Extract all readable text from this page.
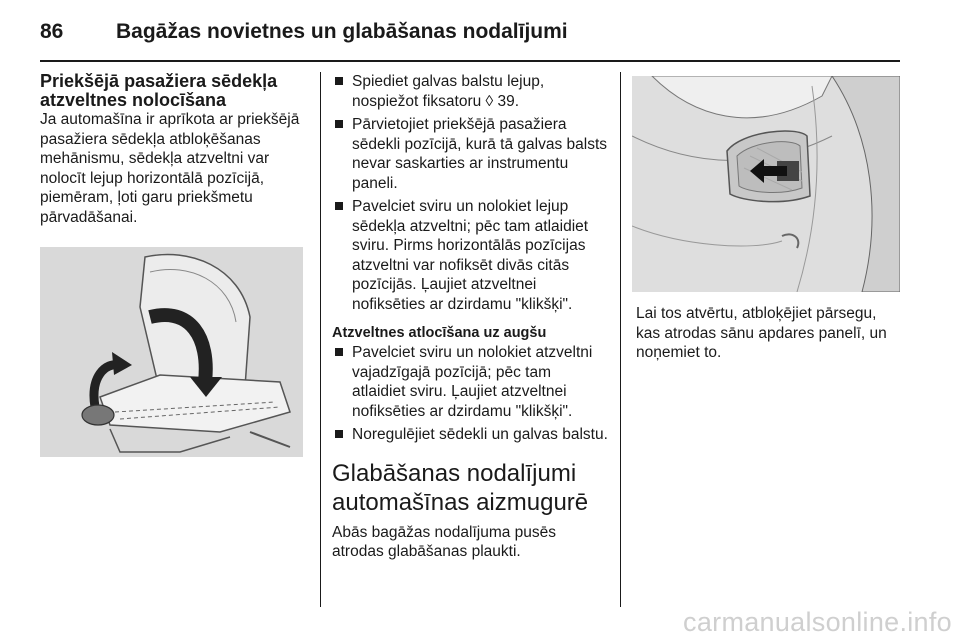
86	Bagāžas novietnes un glabāšanas nodalījumi
Priekšējā pasažiera sēdekļa atzveltnes nolocīšana

Ja automašīna ir aprīkota ar priekšējā pasažiera sēdekļa atbloķēšanas mehānismu, sēdekļa atzveltni var nolocīt lejup horizontālā pozīcijā, piemēram, ļoti garu priekšmetu pārvadāšanai.

Spiediet galvas balstu lejup, nospiežot fiksatoru ◊ 39.
Pārvietojiet priekšējā pasažiera sēdekli pozīcijā, kurā tā galvas balsts nevar saskarties ar instrumentu paneli.
Pavelciet sviru un nolokiet lejup sēdekļa atzveltni; pēc tam atlaidiet sviru. Pirms horizontālās pozīcijas atzveltni var nofiksēt divās citās pozīcijās. Ļaujiet atzveltnei nofiksēties ar dzirdamu "klikšķi".
Atzveltnes atlocīšana uz augšu
Pavelciet sviru un nolokiet atzveltni vajadzīgajā pozīcijā; pēc tam atlaidiet sviru. Ļaujiet atzveltnei nofiksēties ar dzirdamu "klikšķi".
Noregulējiet sēdekli un galvas balstu.
Glabāšanas nodalījumi automašīnas aizmugurē

Abās bagāžas nodalījuma pusēs atrodas glabāšanas plaukti.

Lai tos atvērtu, atbloķējiet pārsegu, kas atrodas sānu apdares panelī, un noņemiet to.

carmanualsonline.info
